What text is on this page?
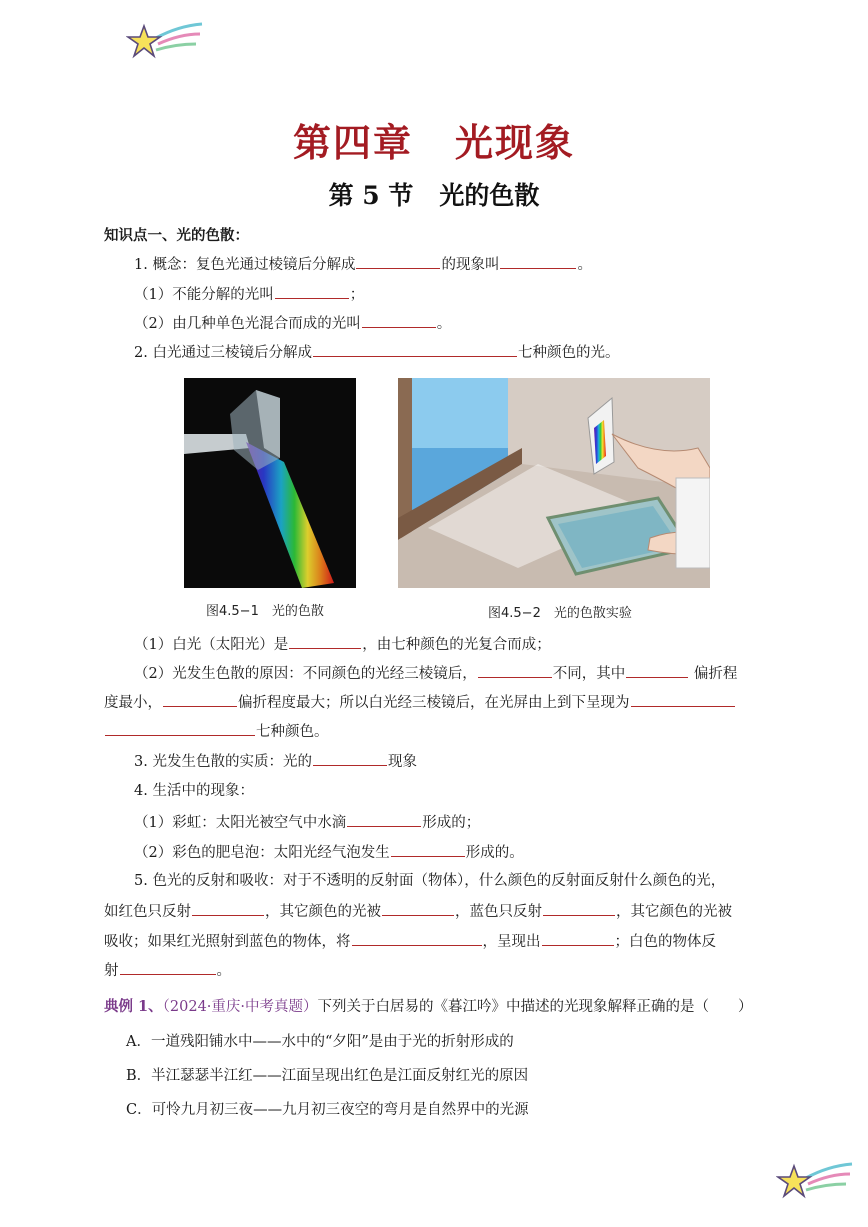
第四章 光现象
第 5 节 光的色散
知识点一、光的色散：
1. 概念：复色光通过棱镜后分解成	的现象叫	。
（1）不能分解的光叫	；
（2）由几种单色光混合而成的光叫	。
2. 白光通过三棱镜后分解成	七种颜色的光。
图4.5−1　光的色散	图4.5−2　光的色散实验
（1）白光（太阳光）是	，由七种颜色的光复合而成；
（2）光发生色散的原因：不同颜色的光经三棱镜后，	不同，其中	偏折程
度最小，	偏折程度最大；所以白光经三棱镜后，在光屏由上到下呈现为
七种颜色。
3. 光发生色散的实质：光的	现象
4. 生活中的现象：
（1）彩虹：太阳光被空气中水滴	形成的；
（2）彩色的肥皂泡：太阳光经气泡发生	形成的。
5. 色光的反射和吸收：对于不透明的反射面（物体），什么颜色的反射面反射什么颜色的光，
如红色只反射	，其它颜色的光被	，蓝色只反射	，其它颜色的光被
吸收；如果红光照射到蓝色的物体，将	，呈现出	；白色的物体反
射	。
典例 1、（2024·重庆·中考真题）下列关于白居易的《暮江吟》中描述的光现象解释正确的是（　　）
A．一道残阳铺水中——水中的“夕阳”是由于光的折射形成的
B．半江瑟瑟半江红——江面呈现出红色是江面反射红光的原因
C．可怜九月初三夜——九月初三夜空的弯月是自然界中的光源
